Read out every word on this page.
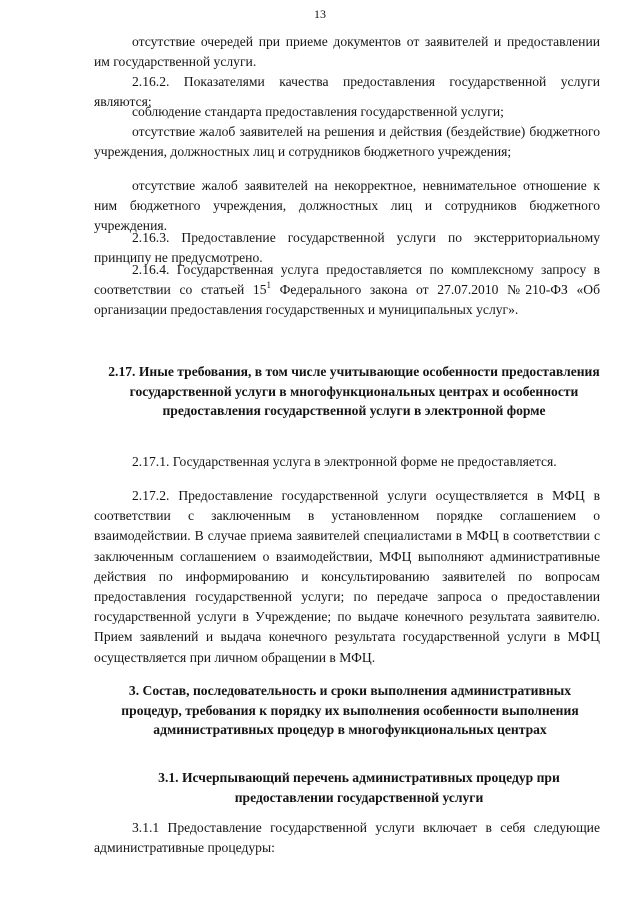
13

отсутствие очередей при приеме документов от заявителей и предоставлении им государственной услуги.

2.16.2. Показателями качества предоставления государственной услуги являются:

соблюдение стандарта предоставления государственной услуги;

отсутствие жалоб заявителей на решения и действия (бездействие) бюджетного учреждения, должностных лиц и сотрудников бюджетного учреждения;

отсутствие жалоб заявителей на некорректное, невнимательное отношение к ним бюджетного учреждения, должностных лиц и сотрудников бюджетного учреждения.

2.16.3. Предоставление государственной услуги по экстерриториальному принципу не предусмотрено.

2.16.4. Государственная услуга предоставляется по комплексному запросу в соответствии со статьей $15^1$ Федерального закона от 27.07.2010 №210-ФЗ «Об организации предоставления государственных и муниципальных услуг».

2.17. Иные требования, в том числе учитывающие особенности предоставления государственной услуги в многофункциональных центрах и особенности предоставления государственной услуги в электронной форме

2.17.1. Государственная услуга в электронной форме не предоставляется.

2.17.2. Предоставление государственной услуги осуществляется в МФЦ в соответствии с заключенным в установленном порядке соглашением о взаимодействии. В случае приема заявителей специалистами в МФЦ в соответствии с заключенным соглашением о взаимодействии, МФЦ выполняют административные действия по информированию и консультированию заявителей по вопросам предоставления государственной услуги; по передаче запроса о предоставлении государственной услуги в Учреждение; по выдаче конечного результата заявителю. Прием заявлений и выдача конечного результата государственной услуги в МФЦ осуществляется при личном обращении в МФЦ.

3. Состав, последовательность и сроки выполнения административных процедур, требования к порядку их выполнения особенности выполнения административных процедур в многофункциональных центрах

3.1. Исчерпывающий перечень административных процедур при предоставлении государственной услуги

3.1.1 Предоставление государственной услуги включает в себя следующие административные процедуры:
